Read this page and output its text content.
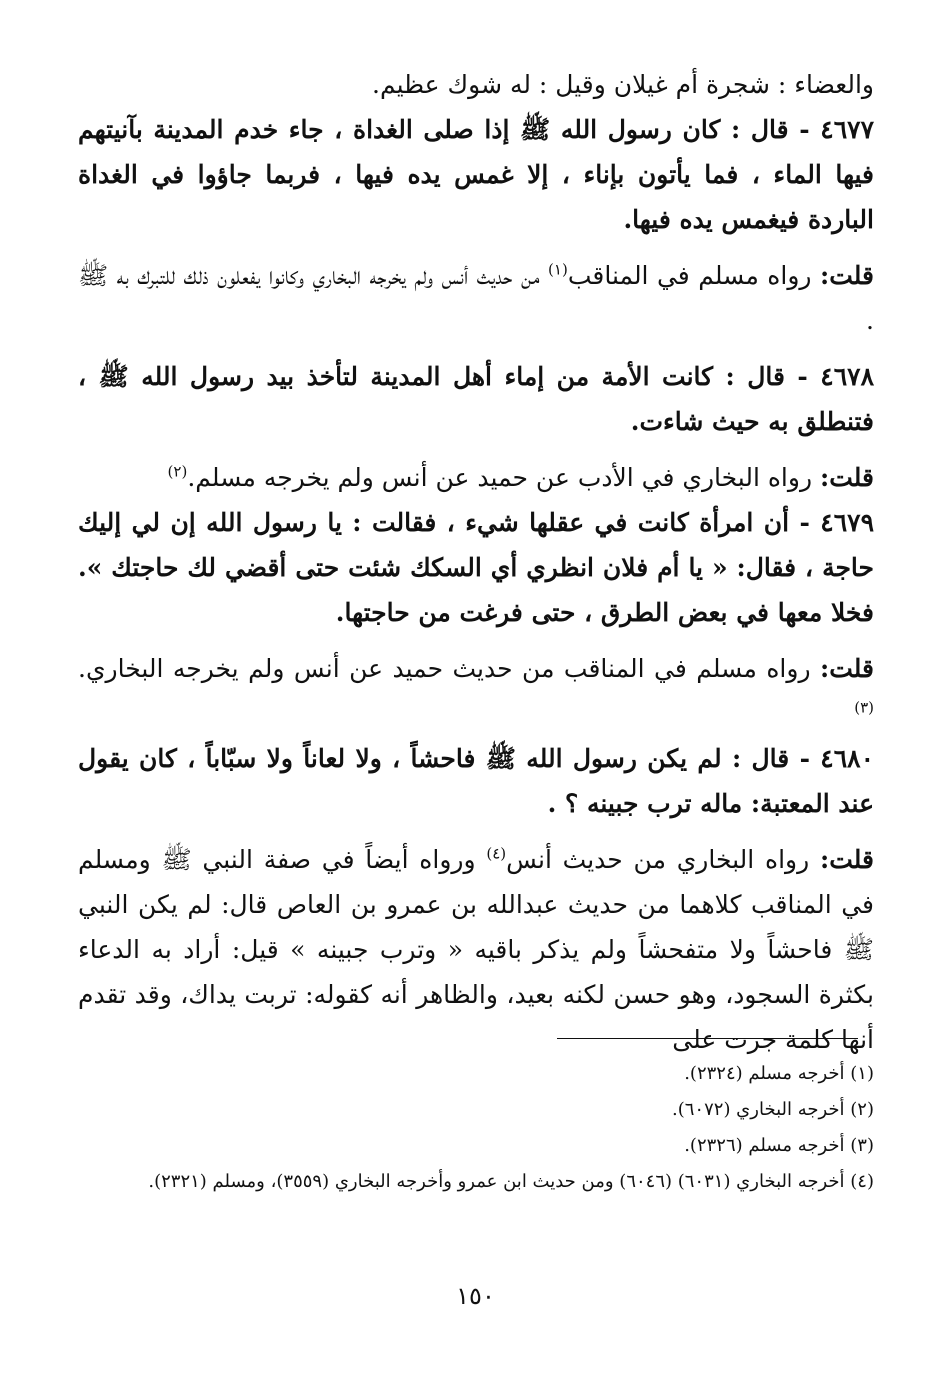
والعضاء : شجرة أم غيلان وقيل : له شوك عظيم.

٤٦٧٧ - قال : كان رسول الله ﷺ إذا صلى الغداة ، جاء خدم المدينة بآنيتهم فيها الماء ، فما يأتون بإناء ، إلا غمس يده فيها ، فربما جاؤوا في الغداة الباردة فيغمس يده فيها.

قلت: رواه مسلم في المناقب$^{(١)}$ من حديث أنس ولم يخرجه البخاري وكانوا يفعلون ذلك للتبرك به ﷺ .

٤٦٧٨ - قال : كانت الأمة من إماء أهل المدينة لتأخذ بيد رسول الله ﷺ ، فتنطلق به حيث شاءت.

قلت: رواه البخاري في الأدب عن حميد عن أنس ولم يخرجه مسلم.$^{(٢)}$

٤٦٧٩ - أن امرأة كانت في عقلها شيء ، فقالت : يا رسول الله إن لي إليك حاجة ، فقال: « يا أم فلان انظري أي السكك شئت حتى أقضي لك حاجتك ». فخلا معها في بعض الطرق ، حتى فرغت من حاجتها.

قلت: رواه مسلم في المناقب من حديث حميد عن أنس ولم يخرجه البخاري.$^{(٣)}$

٤٦٨٠ - قال : لم يكن رسول الله ﷺ فاحشاً ، ولا لعاناً ولا سبّاباً ، كان يقول عند المعتبة: ماله ترب جبينه ؟ .

قلت: رواه البخاري من حديث أنس$^{(٤)}$ ورواه أيضاً في صفة النبي ﷺ ومسلم في المناقب كلاهما من حديث عبدالله بن عمرو بن العاص قال: لم يكن النبي ﷺ فاحشاً ولا متفحشاً ولم يذكر باقيه « وترب جبينه » قيل: أراد به الدعاء بكثرة السجود، وهو حسن لكنه بعيد، والظاهر أنه كقوله: تربت يداك، وقد تقدم أنها كلمة جرت على

(١) أخرجه مسلم (٢٣٢٤).

(٢) أخرجه البخاري (٦٠٧٢).

(٣) أخرجه مسلم (٢٣٢٦).

(٤) أخرجه البخاري (٦٠٣١) (٦٠٤٦) ومن حديث ابن عمرو وأخرجه البخاري (٣٥٥٩)، ومسلم (٢٣٢١).

١٥٠
